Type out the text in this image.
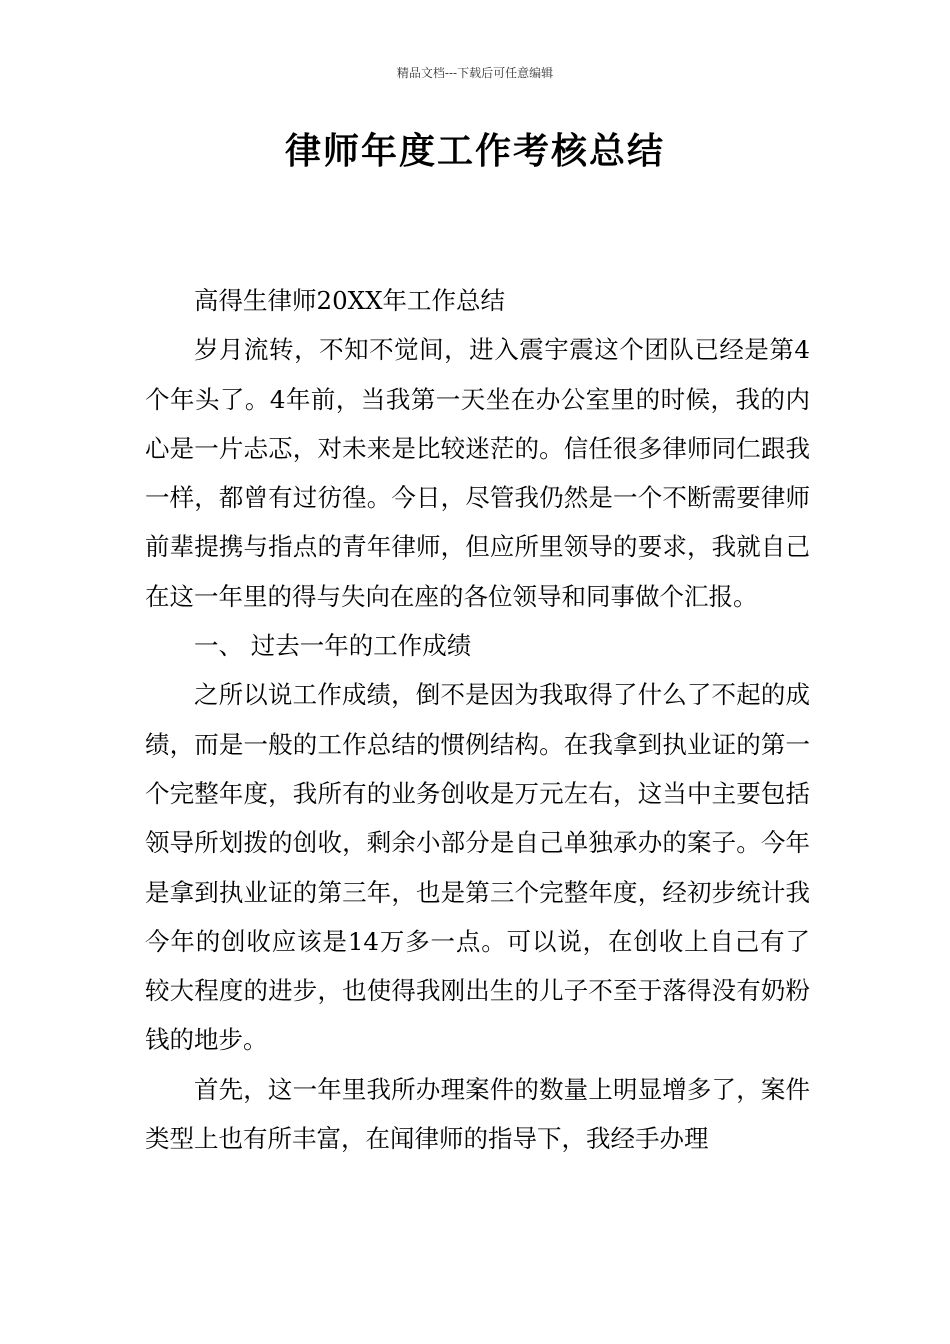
精品文档---下载后可任意编辑
律师年度工作考核总结

高得生律师20XX年工作总结

岁月流转，不知不觉间，进入震宇震这个团队已经是第4个年头了。4年前，当我第一天坐在办公室里的时候，我的内心是一片忐忑，对未来是比较迷茫的。信任很多律师同仁跟我一样，都曾有过彷徨。今日，尽管我仍然是一个不断需要律师前辈提携与指点的青年律师，但应所里领导的要求，我就自己在这一年里的得与失向在座的各位领导和同事做个汇报。

一、 过去一年的工作成绩

之所以说工作成绩，倒不是因为我取得了什么了不起的成绩，而是一般的工作总结的惯例结构。在我拿到执业证的第一个完整年度，我所有的业务创收是万元左右，这当中主要包括领导所划拨的创收，剩余小部分是自己单独承办的案子。今年是拿到执业证的第三年，也是第三个完整年度，经初步统计我今年的创收应该是14万多一点。可以说，在创收上自己有了较大程度的进步，也使得我刚出生的儿子不至于落得没有奶粉钱的地步。

首先，这一年里我所办理案件的数量上明显增多了，案件类型上也有所丰富，在闻律师的指导下，我经手办理
